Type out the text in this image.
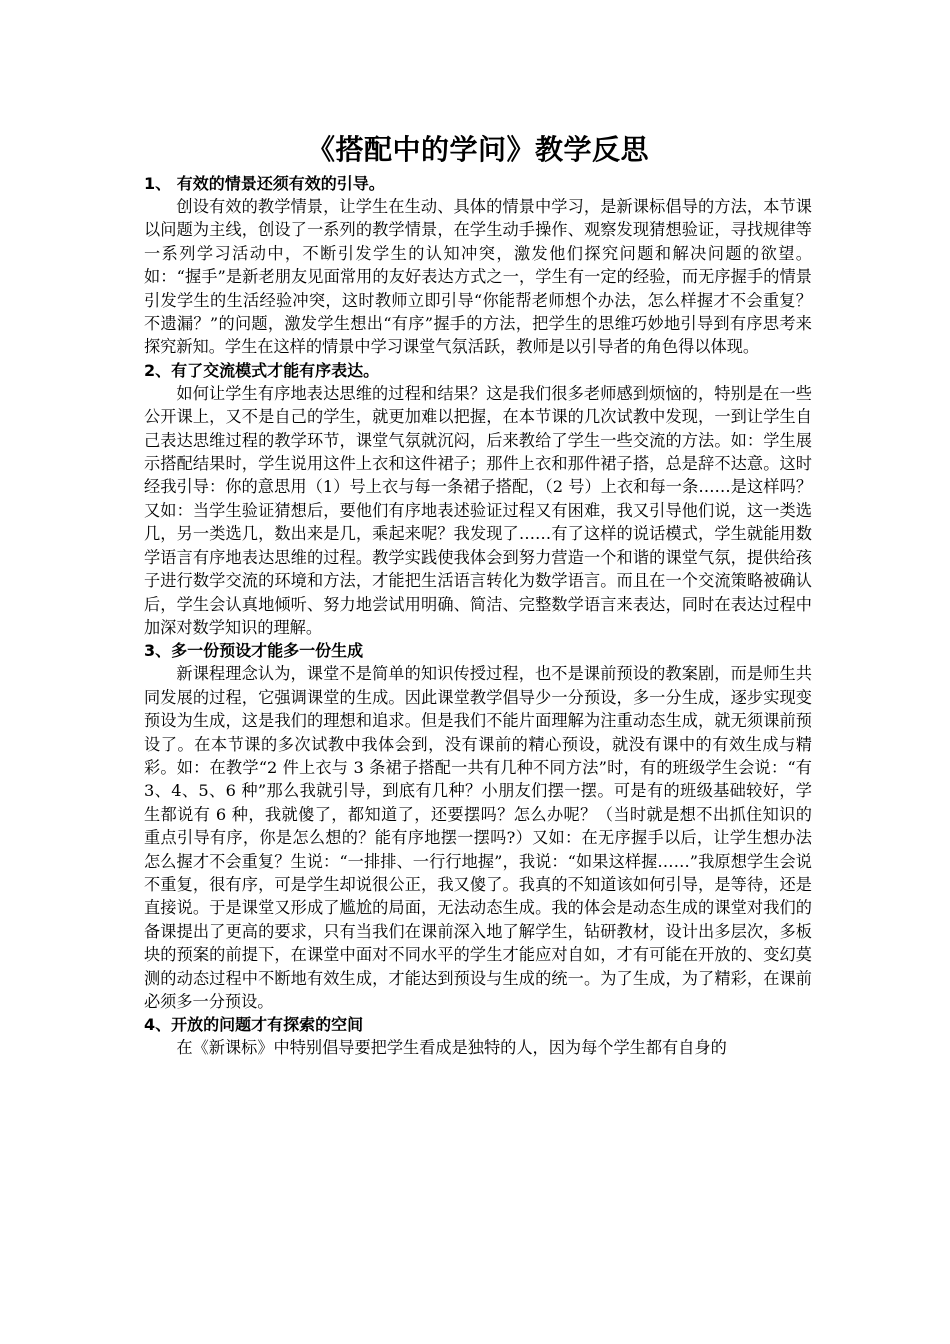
《搭配中的学问》教学反思
1、 有效的情景还须有效的引导。

创设有效的教学情景，让学生在生动、具体的情景中学习，是新课标倡导的方法，本节课以问题为主线，创设了一系列的教学情景，在学生动手操作、观察发现猜想验证，寻找规律等一系列学习活动中，不断引发学生的认知冲突，激发他们探究问题和解决问题的欲望。如：“握手”是新老朋友见面常用的友好表达方式之一，学生有一定的经验，而无序握手的情景引发学生的生活经验冲突，这时教师立即引导“你能帮老师想个办法，怎么样握才不会重复？不遗漏？”的问题，激发学生想出“有序”握手的方法，把学生的思维巧妙地引导到有序思考来探究新知。学生在这样的情景中学习课堂气氛活跃，教师是以引导者的角色得以体现。

2、有了交流模式才能有序表达。

如何让学生有序地表达思维的过程和结果？这是我们很多老师感到烦恼的，特别是在一些公开课上，又不是自己的学生，就更加难以把握，在本节课的几次试教中发现，一到让学生自己表达思维过程的教学环节，课堂气氛就沉闷，后来教给了学生一些交流的方法。如：学生展示搭配结果时，学生说用这件上衣和这件裙子；那件上衣和那件裙子搭，总是辞不达意。这时经我引导：你的意思用（1）号上衣与每一条裙子搭配，（2 号）上衣和每一条……是这样吗？又如：当学生验证猜想后，要他们有序地表述验证过程又有困难，我又引导他们说，这一类选几，另一类选几，数出来是几，乘起来呢？我发现了……有了这样的说话模式，学生就能用数学语言有序地表达思维的过程。教学实践使我体会到努力营造一个和谐的课堂气氛，提供给孩子进行数学交流的环境和方法，才能把生活语言转化为数学语言。而且在一个交流策略被确认后，学生会认真地倾听、努力地尝试用明确、简洁、完整数学语言来表达，同时在表达过程中加深对数学知识的理解。

3、多一份预设才能多一份生成

新课程理念认为，课堂不是简单的知识传授过程，也不是课前预设的教案剧，而是师生共同发展的过程，它强调课堂的生成。因此课堂教学倡导少一分预设，多一分生成，逐步实现变预设为生成，这是我们的理想和追求。但是我们不能片面理解为注重动态生成，就无须课前预设了。在本节课的多次试教中我体会到，没有课前的精心预设，就没有课中的有效生成与精彩。如：在教学“2 件上衣与 3 条裙子搭配一共有几种不同方法”时，有的班级学生会说：“有 3、4、5、6 种”那么我就引导，到底有几种？小朋友们摆一摆。可是有的班级基础较好，学生都说有 6 种，我就傻了，都知道了，还要摆吗？怎么办呢？（当时就是想不出抓住知识的重点引导有序，你是怎么想的？能有序地摆一摆吗?）又如：在无序握手以后，让学生想办法怎么握才不会重复？生说：“一排排、一行行地握”，我说：“如果这样握……”我原想学生会说不重复，很有序，可是学生却说很公正，我又傻了。我真的不知道该如何引导，是等待，还是直接说。于是课堂又形成了尴尬的局面，无法动态生成。我的体会是动态生成的课堂对我们的备课提出了更高的要求，只有当我们在课前深入地了解学生，钻研教材，设计出多层次，多板块的预案的前提下，在课堂中面对不同水平的学生才能应对自如，才有可能在开放的、变幻莫测的动态过程中不断地有效生成，才能达到预设与生成的统一。为了生成，为了精彩，在课前必须多一分预设。

4、开放的问题才有探索的空间

在《新课标》中特别倡导要把学生看成是独特的人，因为每个学生都有自身的
